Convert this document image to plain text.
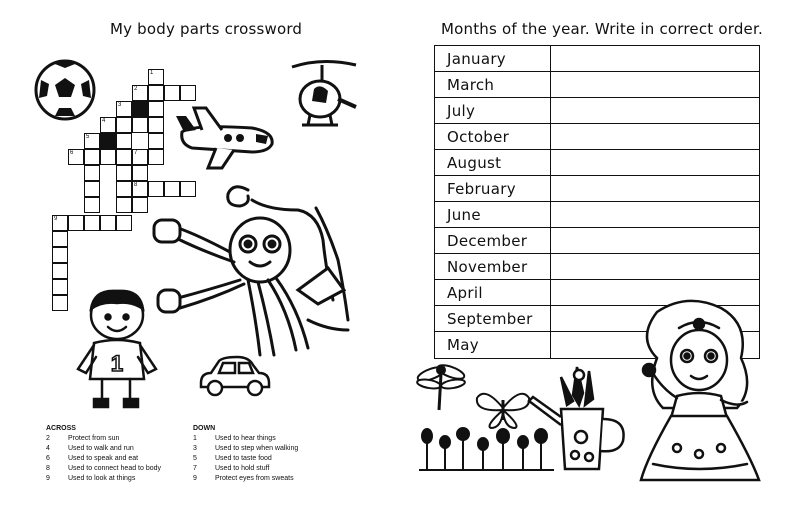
My body parts crossword
1
2
3
4
5
6	7
8
9
1
ACROSS
2	Protect from sun
4	Used to walk and run
6	Used to speak and eat
8	Used to connect head to body
9	Used to look at things
DOWN
1	Used to hear things
3	Used to step when walking
5	Used to taste food
7	Used to hold stuff
9	Protect eyes from sweats
Months of the year. Write in correct order.
January
March
July
October
August
February
June
December
November
April
September
May
